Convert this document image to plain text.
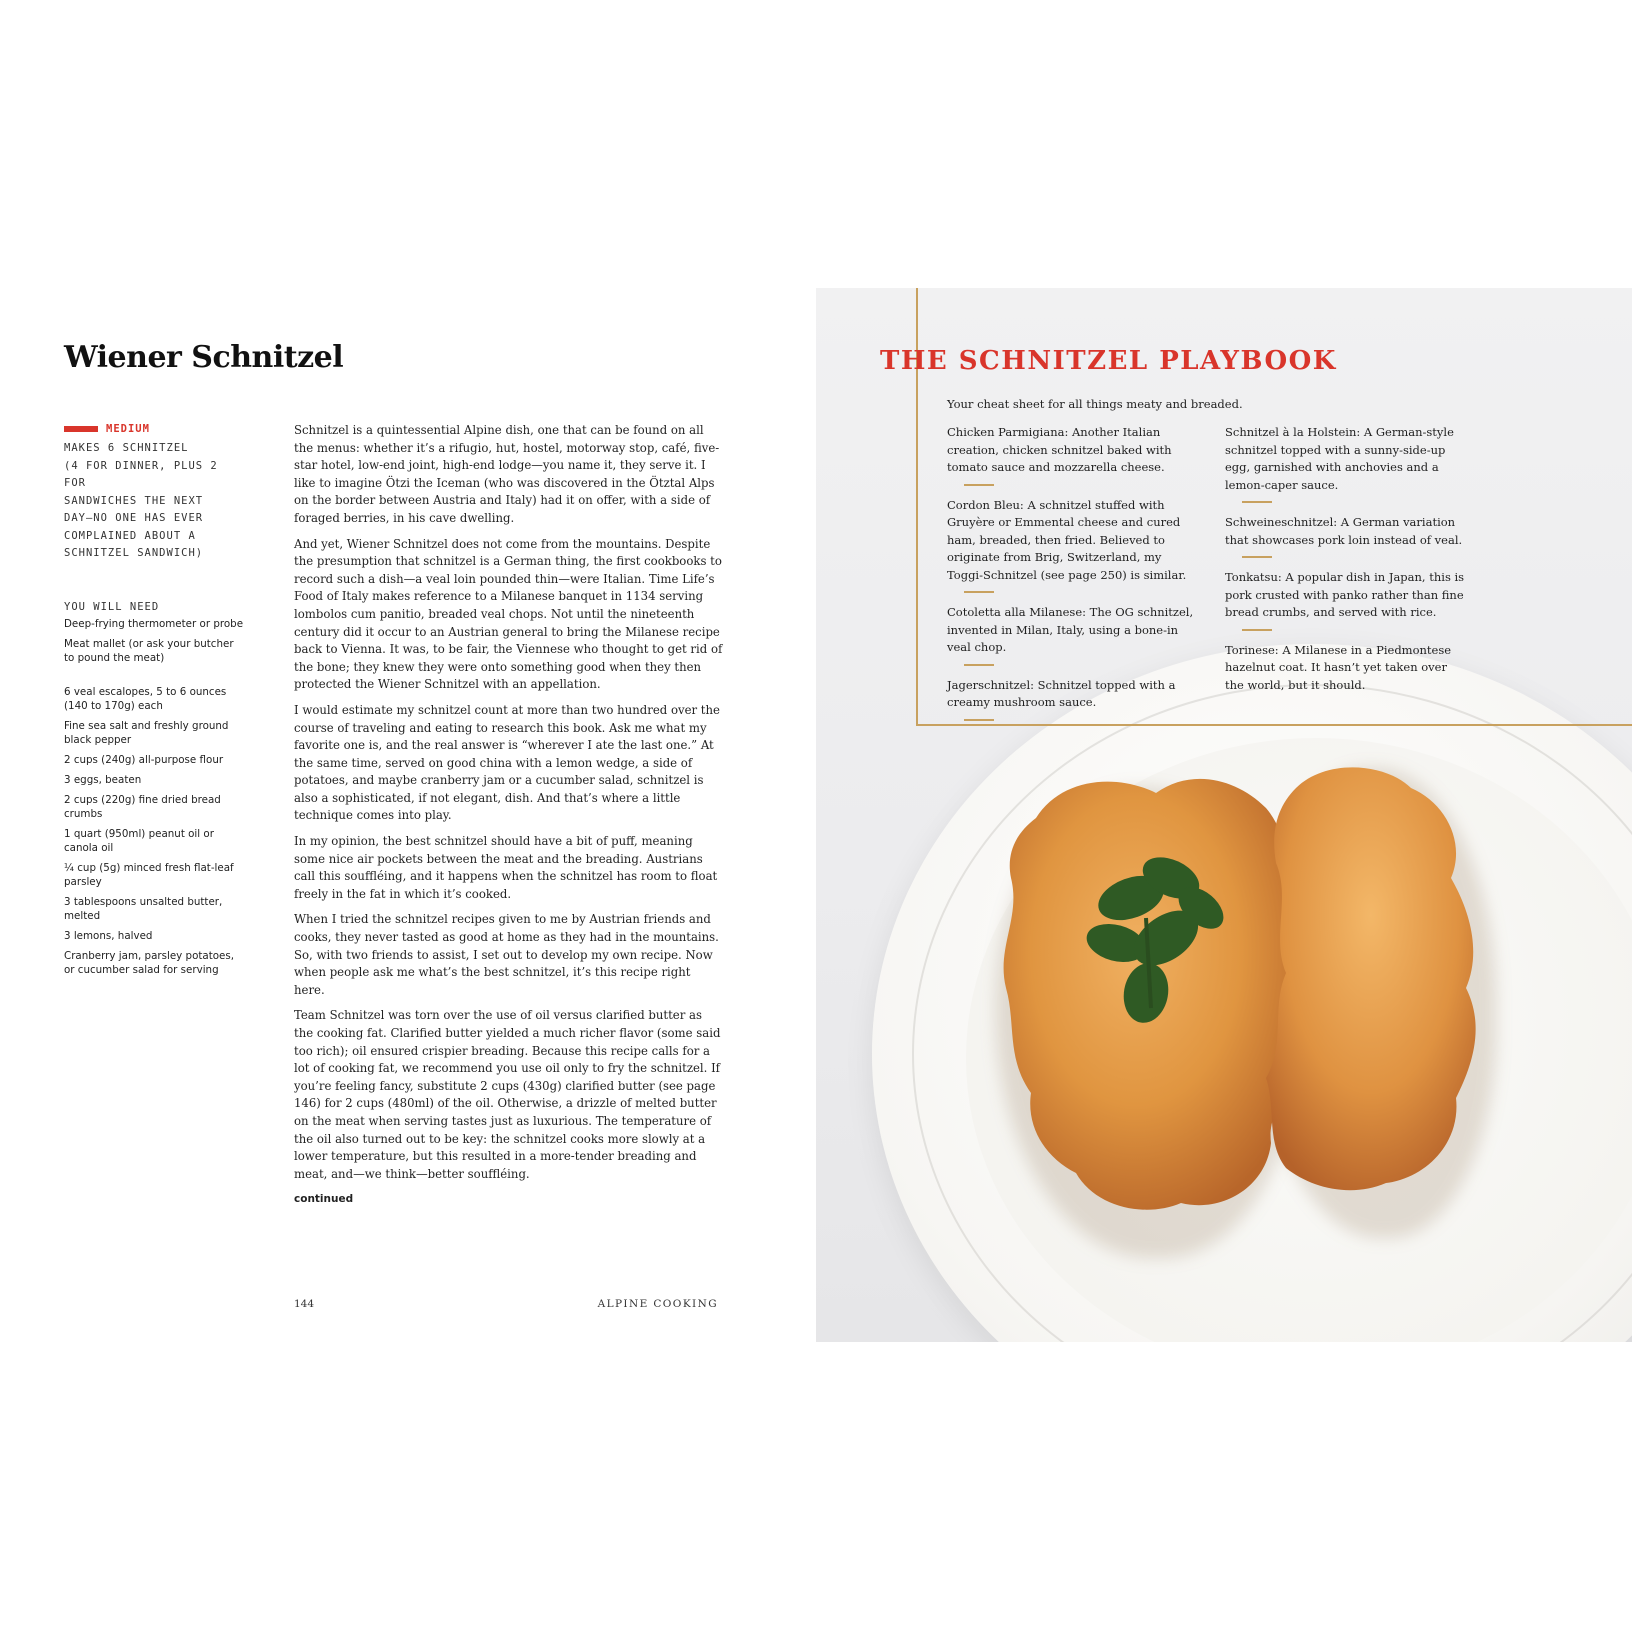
Wiener Schnitzel
MEDIUM

MAKES 6 SCHNITZEL
(4 FOR DINNER, PLUS 2 FOR
SANDWICHES THE NEXT
DAY—NO ONE HAS EVER
COMPLAINED ABOUT A
SCHNITZEL SANDWICH)

YOU WILL NEED

Deep-frying thermometer or probe
Meat mallet (or ask your butcher to pound the meat)
6 veal escalopes, 5 to 6 ounces (140 to 170g) each
Fine sea salt and freshly ground black pepper
2 cups (240g) all-purpose flour
3 eggs, beaten
2 cups (220g) fine dried bread crumbs
1 quart (950ml) peanut oil or canola oil
¼ cup (5g) minced fresh flat-leaf parsley
3 tablespoons unsalted butter, melted
3 lemons, halved
Cranberry jam, parsley potatoes, or cucumber salad for serving

Schnitzel is a quintessential Alpine dish, one that can be found on all the menus: whether it’s a rifugio, hut, hostel, motorway stop, café, five-star hotel, low-end joint, high-end lodge—you name it, they serve it. I like to imagine Ötzi the Iceman (who was discovered in the Ötztal Alps on the border between Austria and Italy) had it on offer, with a side of foraged berries, in his cave dwelling.

And yet, Wiener Schnitzel does not come from the mountains. Despite the presumption that schnitzel is a German thing, the first cookbooks to record such a dish—a veal loin pounded thin—were Italian. Time Life’s Food of Italy makes reference to a Milanese banquet in 1134 serving lombolos cum panitio, breaded veal chops. Not until the nineteenth century did it occur to an Austrian general to bring the Milanese recipe back to Vienna. It was, to be fair, the Viennese who thought to get rid of the bone; they knew they were onto something good when they then protected the Wiener Schnitzel with an appellation.

I would estimate my schnitzel count at more than two hundred over the course of traveling and eating to research this book. Ask me what my favorite one is, and the real answer is “wherever I ate the last one.” At the same time, served on good china with a lemon wedge, a side of potatoes, and maybe cranberry jam or a cucumber salad, schnitzel is also a sophisticated, if not elegant, dish. And that’s where a little technique comes into play.

In my opinion, the best schnitzel should have a bit of puff, meaning some nice air pockets between the meat and the breading. Austrians call this souffléing, and it happens when the schnitzel has room to float freely in the fat in which it’s cooked.

When I tried the schnitzel recipes given to me by Austrian friends and cooks, they never tasted as good at home as they had in the mountains. So, with two friends to assist, I set out to develop my own recipe. Now when people ask me what’s the best schnitzel, it’s this recipe right here.

Team Schnitzel was torn over the use of oil versus clarified butter as the cooking fat. Clarified butter yielded a much richer flavor (some said too rich); oil ensured crispier breading. Because this recipe calls for a lot of cooking fat, we recommend you use oil only to fry the schnitzel. If you’re feeling fancy, substitute 2 cups (430g) clarified butter (see page 146) for 2 cups (480ml) of the oil. Otherwise, a drizzle of melted butter on the meat when serving tastes just as luxurious. The temperature of the oil also turned out to be key: the schnitzel cooks more slowly at a lower temperature, but this resulted in a more-tender breading and meat, and—we think—better souffléing.

continued

144	ALPINE COOKING
THE SCHNITZEL PLAYBOOK

Your cheat sheet for all things meaty and breaded.

Chicken Parmigiana: Another Italian creation, chicken schnitzel baked with tomato sauce and mozzarella cheese.

Cordon Bleu: A schnitzel stuffed with Gruyère or Emmental cheese and cured ham, breaded, then fried. Believed to originate from Brig, Switzerland, my Toggi-Schnitzel (see page 250) is similar.

Cotoletta alla Milanese: The OG schnitzel, invented in Milan, Italy, using a bone-in veal chop.

Jagerschnitzel: Schnitzel topped with a creamy mushroom sauce.

Schnitzel à la Holstein: A German-style schnitzel topped with a sunny-side-up egg, garnished with anchovies and a lemon-caper sauce.

Schweineschnitzel: A German variation that showcases pork loin instead of veal.

Tonkatsu: A popular dish in Japan, this is pork crusted with panko rather than fine bread crumbs, and served with rice.

Torinese: A Milanese in a Piedmontese hazelnut coat. It hasn’t yet taken over the world, but it should.
